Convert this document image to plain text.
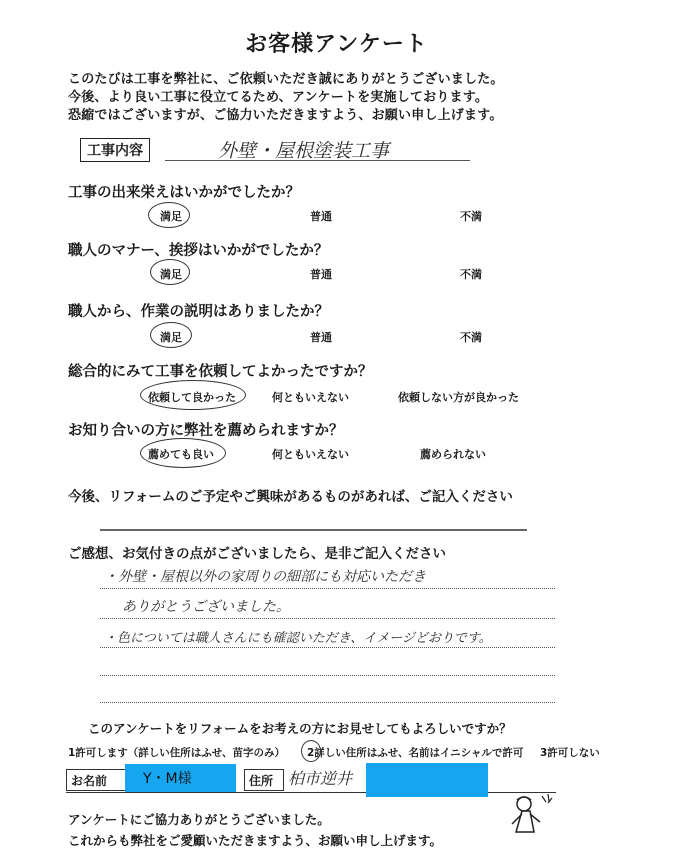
お客様アンケート
このたびは工事を弊社に、ご依頼いただき誠にありがとうございました。
今後、より良い工事に役立てるため、アンケートを実施しております。
恐縮ではございますが、ご協力いただきますよう、お願い申し上げます。
工事内容	外壁・屋根塗装工事
工事の出来栄えはいかがでしたか？
満足	普通	不満
職人のマナー、挨拶はいかがでしたか？
満足	普通	不満
職人から、作業の説明はありましたか？
満足	普通	不満
総合的にみて工事を依頼してよかったですか？
依頼して良かった	何ともいえない	依頼しない方が良かった
お知り合いの方に弊社を薦められますか？
薦めても良い	何ともいえない	薦められない
今後、リフォームのご予定やご興味があるものがあれば、ご記入ください
ご感想、お気付きの点がございましたら、是非ご記入ください
・外壁・屋根以外の家周りの細部にも対応いただき
ありがとうございました。
・色については職人さんにも確認いただき、イメージどおりです。
このアンケートをリフォームをお考えの方にお見せしてもよろしいですか？
1許可します（詳しい住所はふせ、苗字のみ） 2詳しい住所はふせ、名前はイニシャルで許可 3許可しない
お名前	Y・M様	住所 柏市逆井
アンケートにご協力ありがとうございました。
これからも弊社をご愛顧いただきますよう、お願い申し上げます。
